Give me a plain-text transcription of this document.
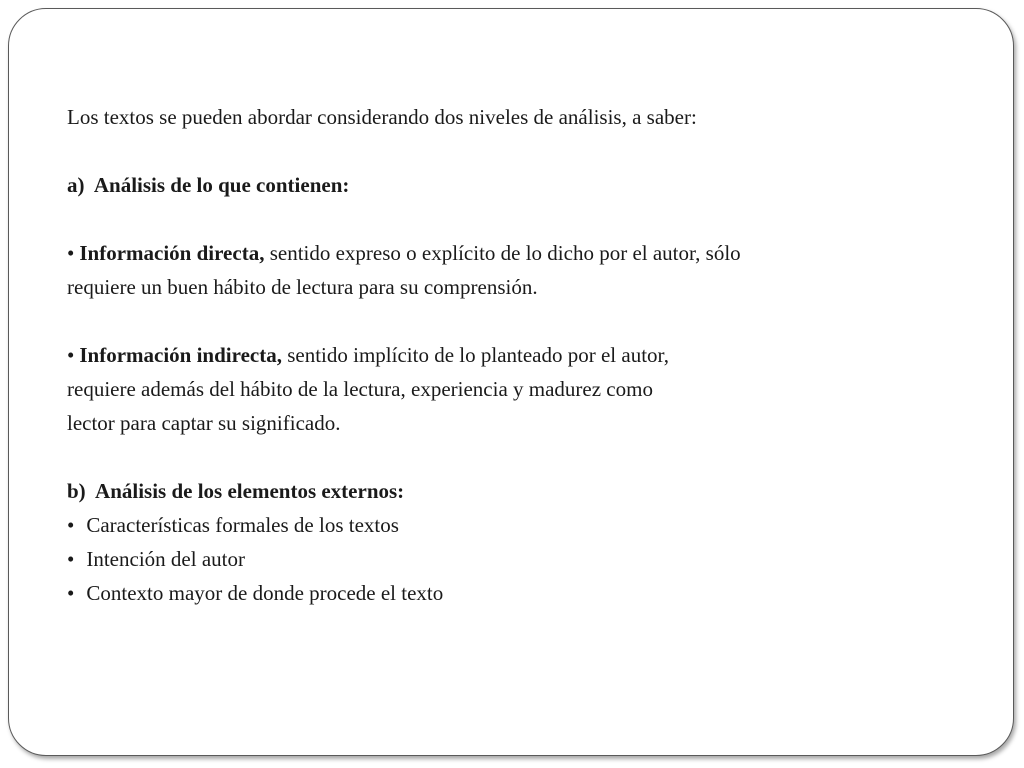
Los textos se pueden abordar considerando dos niveles de análisis, a saber:
a) Análisis de lo que contienen:
• Información directa, sentido expreso o explícito de lo dicho por el autor, sólo
requiere un buen hábito de lectura para su comprensión.
• Información indirecta, sentido implícito de lo planteado por el autor,
requiere además del hábito de la lectura, experiencia y madurez como
lector para captar su significado.
b) Análisis de los elementos externos:
• Características formales de los textos
• Intención del autor
• Contexto mayor de donde procede el texto
